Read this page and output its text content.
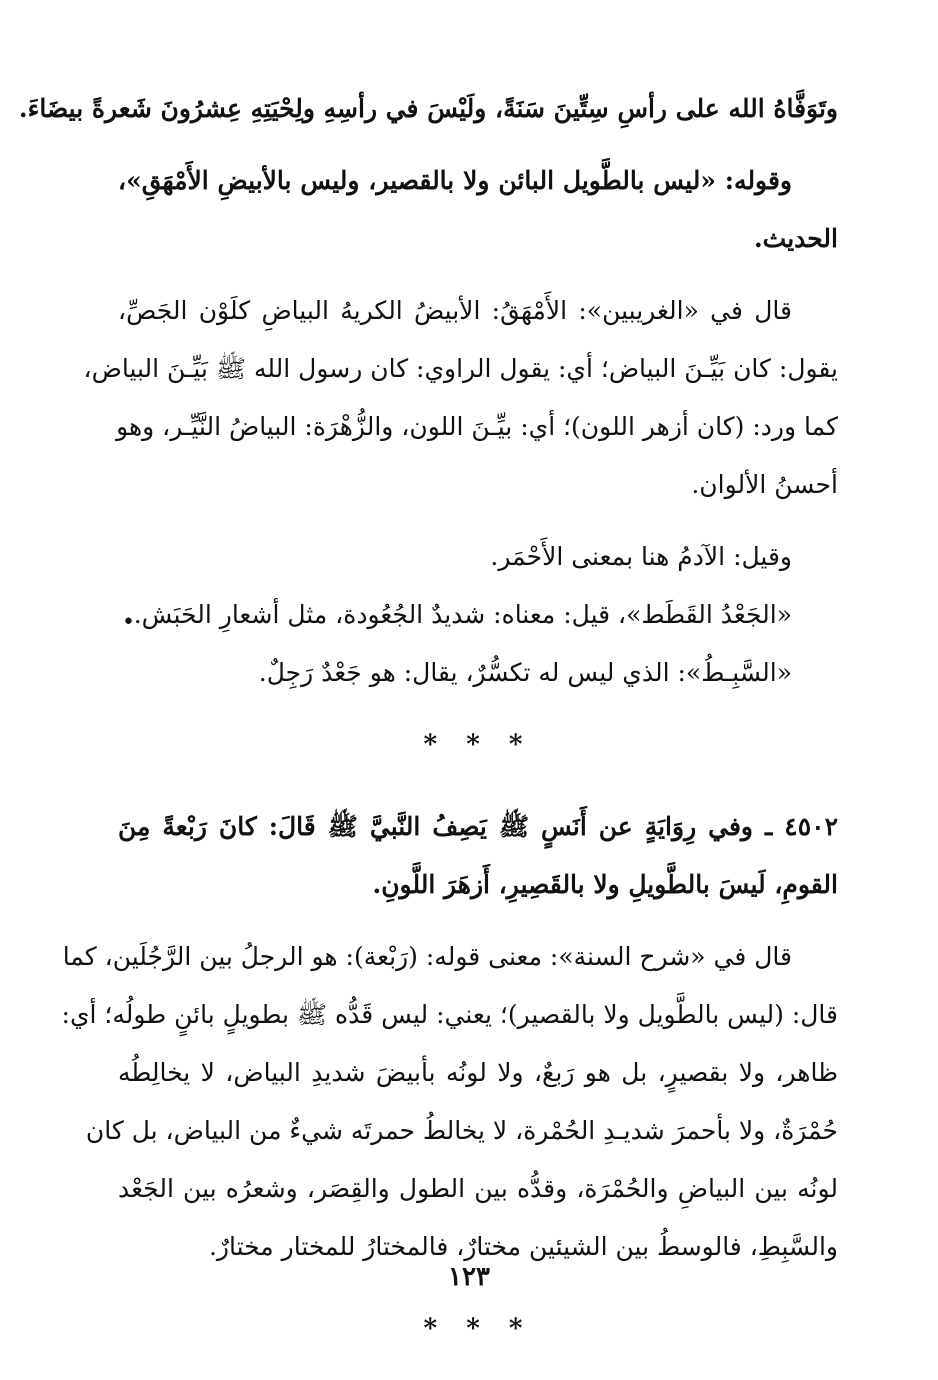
وتَوَفَّاهُ الله على رأسِ سِتِّينَ سَنَةً، ولَيْسَ في رأسِهِ ولِحْيَتِهِ عِشرُونَ شَعرةً بيضَاءَ.
وقوله: «ليس بالطَّويل البائن ولا بالقصير، وليس بالأبيضِ الأَمْهَقِ»،
الحديث.
قال في «الغريبين»: الأَمْهَقُ: الأبيضُ الكريهُ البياضِ كلَوْن الجَصِّ،
يقول: كان بَيِّـنَ البياض؛ أي: يقول الراوي: كان رسول الله ﷺ بَيِّـنَ البياض،
كما ورد: (كان أزهر اللون)؛ أي: بيِّـنَ اللون، والزُّهْرَة: البياضُ النَّيِّـر، وهو
أحسنُ الألوان.
وقيل: الآدمُ هنا بمعنى الأَحْمَر.
«الجَعْدُ القَطَط»، قيل: معناه: شديدٌ الجُعُودة، مثل أشعارِ الحَبَش.
«السَّبِـطُ»: الذي ليس له تكسُّرٌ، يقال: هو جَعْدٌ رَجِلٌ.
* * *
٤٥٠٢ ـ وفي رِوَايَةٍ عن أَنَسٍ ﷺ يَصِفُ النَّبيَّ ﷺ قَالَ: كانَ رَبْعةً مِنَ
القومِ، لَيسَ بالطَّويلِ ولا بالقَصِيرِ، أَزهَرَ اللَّونِ.
قال في «شرح السنة»: معنى قوله: (رَبْعة): هو الرجلُ بين الرَّجُلَين، كما
قال: (ليس بالطَّويل ولا بالقصير)؛ يعني: ليس قَدُّه ﷺ بطويلٍ بائنٍ طولُه؛ أي:
ظاهر، ولا بقصيرٍ، بل هو رَبعٌ، ولا لونُه بأبيضَ شديدِ البياض، لا يخالِطُه
حُمْرَةٌ، ولا بأحمرَ شديـدِ الحُمْرة، لا يخالطُ حمرتَه شيءٌ من البياض، بل كان
لونُه بين البياضِ والحُمْرَة، وقدُّه بين الطول والقِصَر، وشعرُه بين الجَعْد
والسَّبِطِ، فالوسطُ بين الشيئين مختارٌ، فالمختارُ للمختار مختارٌ.
* * *
•
١٢٣
